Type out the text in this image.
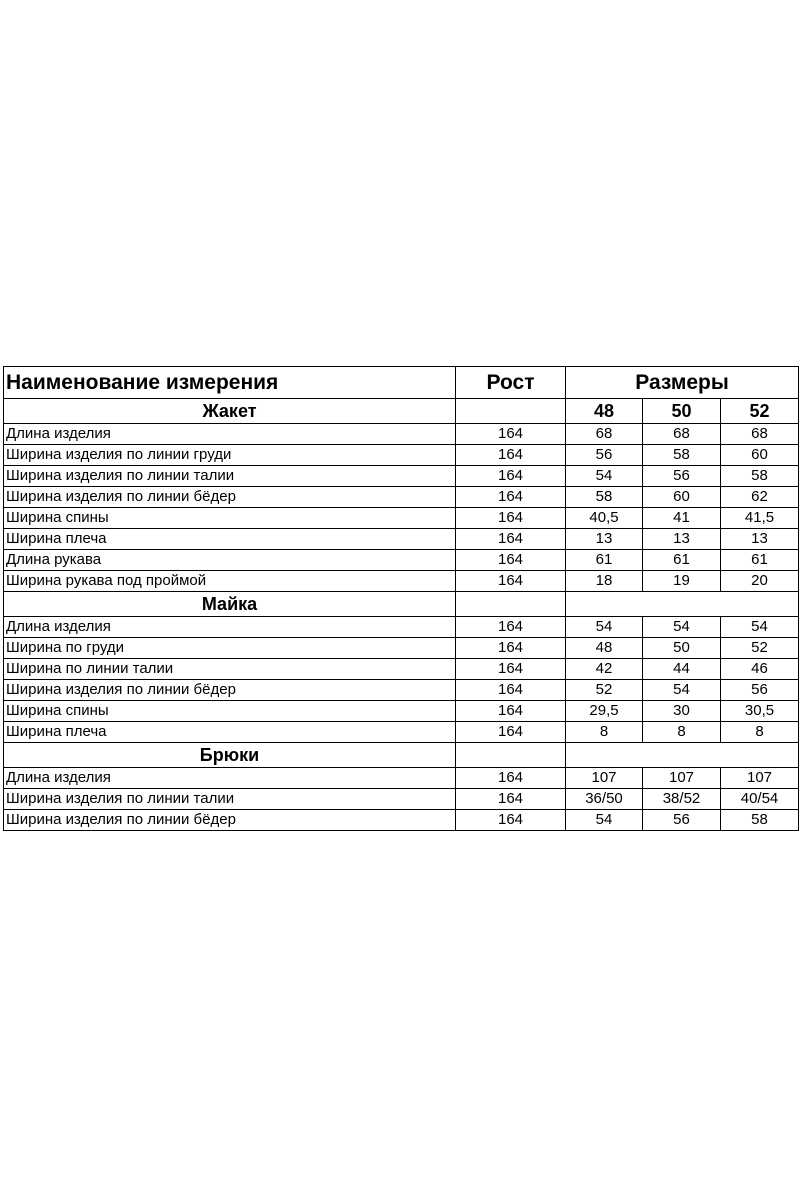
Наименование измерения	Рост	Размеры		
Жакет		48	50	52
Длина изделия	164	68	68	68
Ширина изделия по линии груди	164	56	58	60
Ширина изделия по линии талии	164	54	56	58
Ширина изделия по линии бёдер	164	58	60	62
Ширина спины	164	40,5	41	41,5
Ширина плеча	164	13	13	13
Длина рукава	164	61	61	61
Ширина рукава под проймой	164	18	19	20
Майка				
Длина изделия	164	54	54	54
Ширина по груди	164	48	50	52
Ширина по линии талии	164	42	44	46
Ширина изделия по линии бёдер	164	52	54	56
Ширина спины	164	29,5	30	30,5
Ширина плеча	164	8	8	8
Брюки				
Длина изделия	164	107	107	107
Ширина изделия по линии талии	164	36/50	38/52	40/54
Ширина изделия по линии бёдер	164	54	56	58
